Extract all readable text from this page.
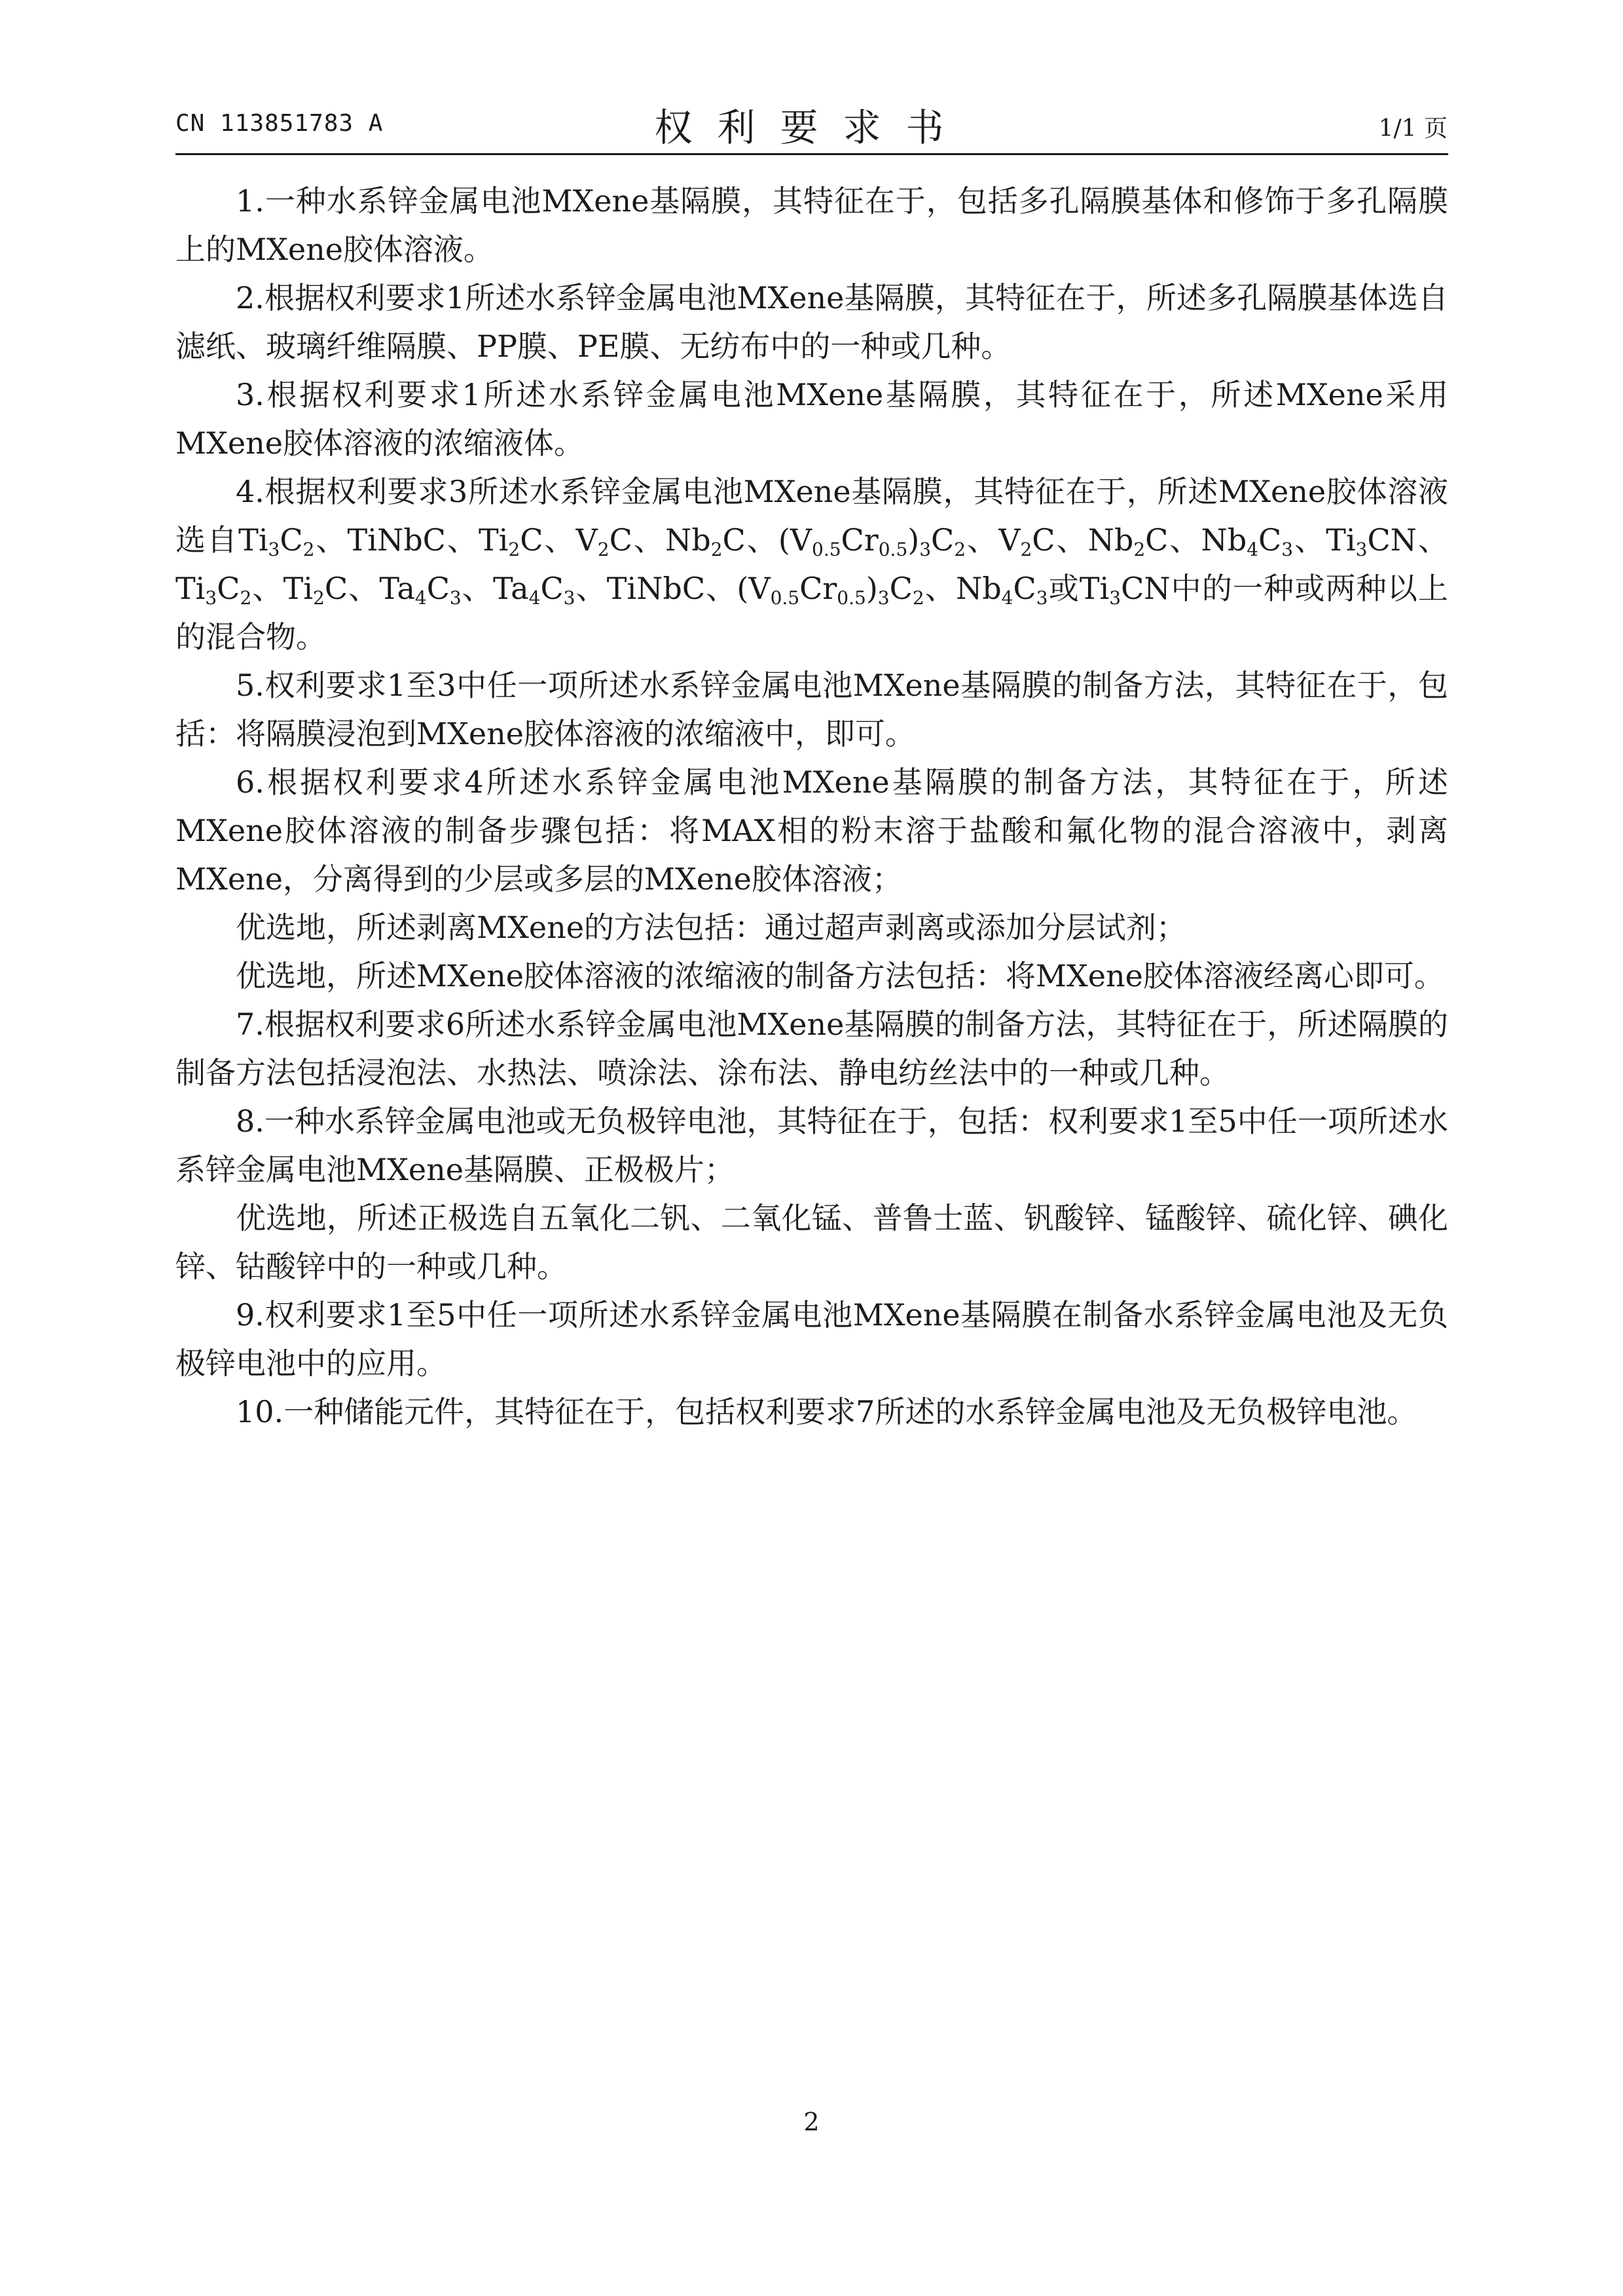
CN 113851783 A	权利要求书	1/1 页

1.一种水系锌金属电池MXene基隔膜，其特征在于，包括多孔隔膜基体和修饰于多孔隔膜上的MXene胶体溶液。

2.根据权利要求1所述水系锌金属电池MXene基隔膜，其特征在于，所述多孔隔膜基体选自滤纸、玻璃纤维隔膜、PP膜、PE膜、无纺布中的一种或几种。

3.根据权利要求1所述水系锌金属电池MXene基隔膜，其特征在于，所述MXene采用MXene胶体溶液的浓缩液体。

4.根据权利要求3所述水系锌金属电池MXene基隔膜，其特征在于，所述MXene胶体溶液选自$Ti_3C_2$、TiNbC、$Ti_2C$、$V_2C$、$Nb_2C$、$(V_{0.5}Cr_{0.5})_3C_2$、$V_2C$、$Nb_2C$、$Nb_4C_3$、$Ti_3CN$、$Ti_3C_2$、$Ti_2C$、$Ta_4C_3$、$Ta_4C_3$、TiNbC、$(V_{0.5}Cr_{0.5})_3C_2$、$Nb_4C_3$或$Ti_3CN$中的一种或两种以上的混合物。

5.权利要求1至3中任一项所述水系锌金属电池MXene基隔膜的制备方法，其特征在于，包括：将隔膜浸泡到MXene胶体溶液的浓缩液中，即可。

6.根据权利要求4所述水系锌金属电池MXene基隔膜的制备方法，其特征在于，所述MXene胶体溶液的制备步骤包括：将MAX相的粉末溶于盐酸和氟化物的混合溶液中，剥离MXene，分离得到的少层或多层的MXene胶体溶液；

优选地，所述剥离MXene的方法包括：通过超声剥离或添加分层试剂；

优选地，所述MXene胶体溶液的浓缩液的制备方法包括：将MXene胶体溶液经离心即可。

7.根据权利要求6所述水系锌金属电池MXene基隔膜的制备方法，其特征在于，所述隔膜的制备方法包括浸泡法、水热法、喷涂法、涂布法、静电纺丝法中的一种或几种。

8.一种水系锌金属电池或无负极锌电池，其特征在于，包括：权利要求1至5中任一项所述水系锌金属电池MXene基隔膜、正极极片；

优选地，所述正极选自五氧化二钒、二氧化锰、普鲁士蓝、钒酸锌、锰酸锌、硫化锌、碘化锌、钴酸锌中的一种或几种。

9.权利要求1至5中任一项所述水系锌金属电池MXene基隔膜在制备水系锌金属电池及无负极锌电池中的应用。

10.一种储能元件，其特征在于，包括权利要求7所述的水系锌金属电池及无负极锌电池。

2
